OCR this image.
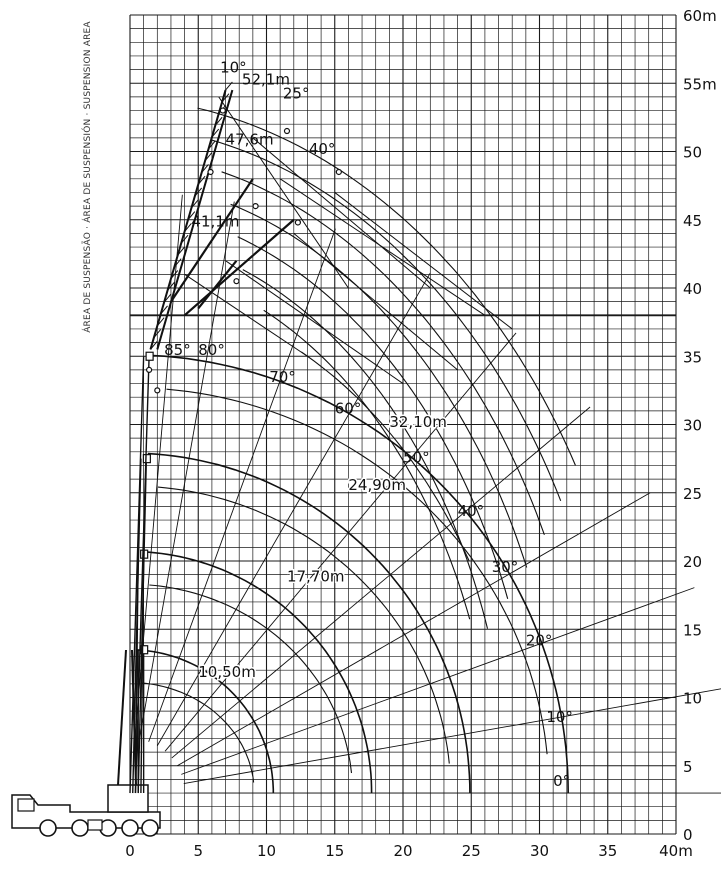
ÁREA DE SUSPENSÃO · ÁREA DE SUSPENSIÓN · SUSPENSION AREA
0	5	10	15	20	25	30	35	40m
0
5
10
15
20
25
30
35
40
45
50
55m
60m
0°
10°
20°
30°
40°
50°
60°
70°
80°
85°
10,50m
17,70m
24,90m
32,10m
41,1m
47,6m
52,1m
10°
25°
40°
